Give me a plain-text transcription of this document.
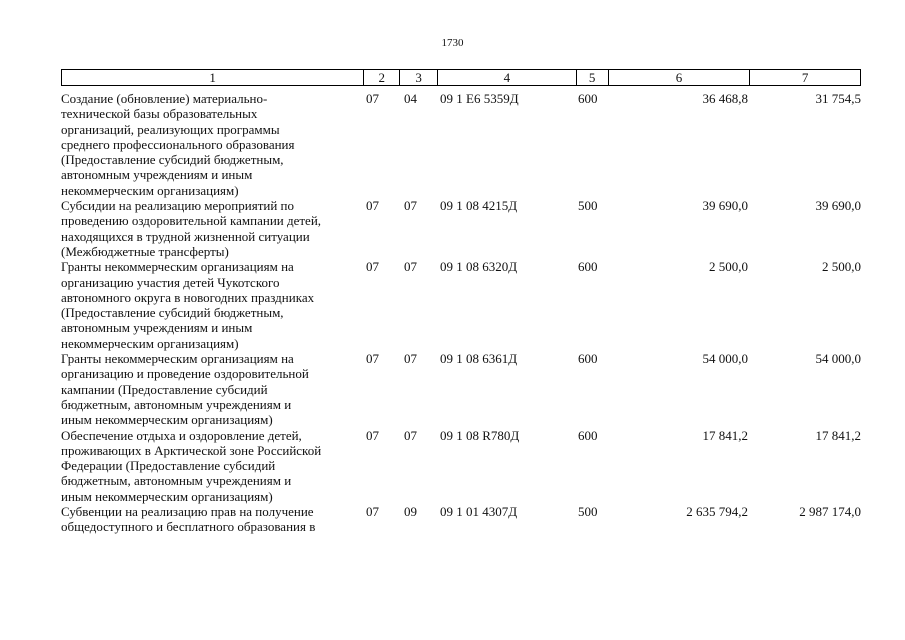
1730
1	2	3	4	5	6	7
Создание (обновление) материально-
технической базы образовательных
организаций, реализующих программы
среднего профессионального образования
(Предоставление субсидий бюджетным,
автономным учреждениям и иным
некоммерческим организациям)
07	04	09 1 E6 5359Д	600	36 468,8	31 754,5
Субсидии на реализацию мероприятий по
проведению оздоровительной кампании детей,
находящихся в трудной жизненной ситуации
(Межбюджетные трансферты)
07	07	09 1 08 4215Д	500	39 690,0	39 690,0
Гранты некоммерческим организациям на
организацию участия детей Чукотского
автономного округа в новогодних праздниках
(Предоставление субсидий бюджетным,
автономным учреждениям и иным
некоммерческим организациям)
07	07	09 1 08 6320Д	600	2 500,0	2 500,0
Гранты некоммерческим организациям на
организацию и проведение оздоровительной
кампании (Предоставление субсидий
бюджетным, автономным учреждениям и
иным некоммерческим организациям)
07	07	09 1 08 6361Д	600	54 000,0	54 000,0
Обеспечение отдыха и оздоровление детей,
проживающих в Арктической зоне Российской
Федерации (Предоставление субсидий
бюджетным, автономным учреждениям и
иным некоммерческим организациям)
07	07	09 1 08 R780Д	600	17 841,2	17 841,2
Субвенции на реализацию прав на получение
общедоступного и бесплатного образования в
07	09	09 1 01 4307Д	500	2 635 794,2	2 987 174,0
